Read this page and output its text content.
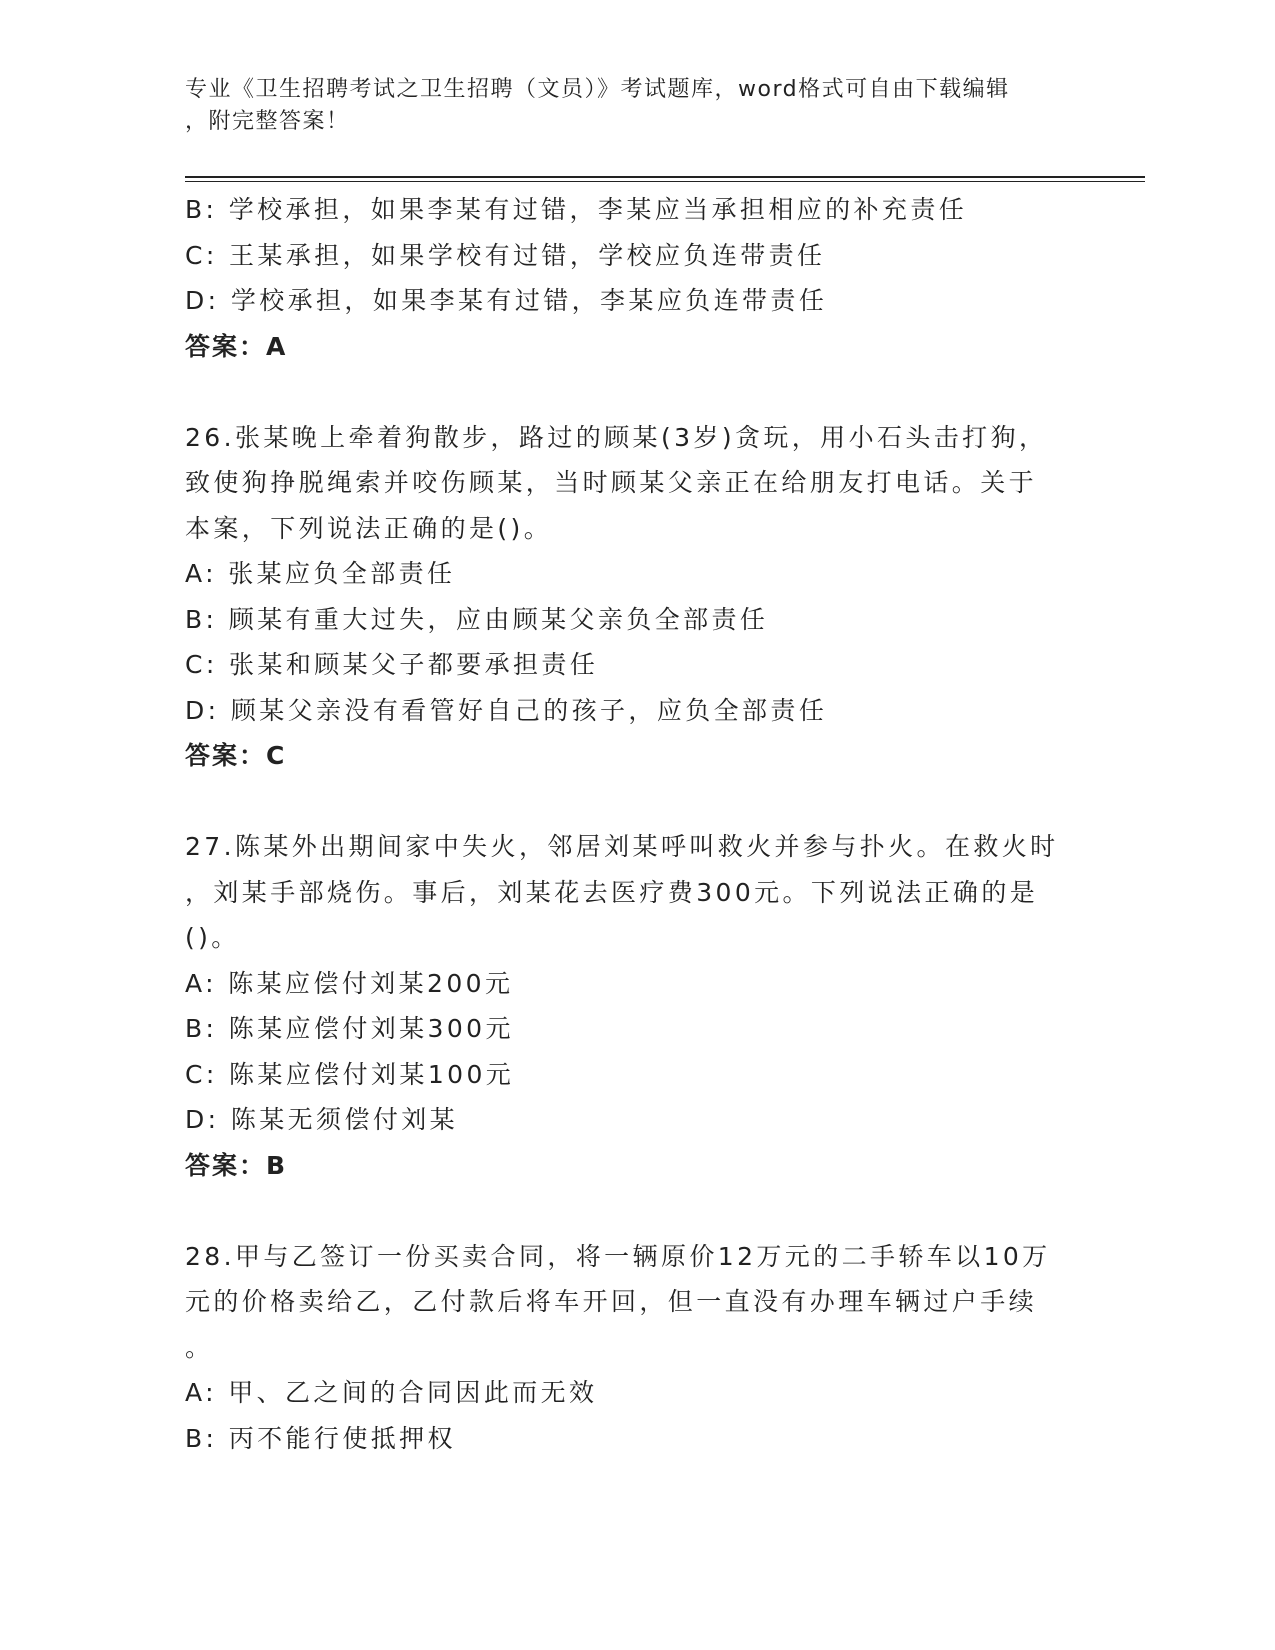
专业《卫生招聘考试之卫生招聘（文员）》考试题库，word格式可自由下载编辑
，附完整答案！
B: 学校承担，如果李某有过错，李某应当承担相应的补充责任
C: 王某承担，如果学校有过错，学校应负连带责任
D: 学校承担，如果李某有过错，李某应负连带责任
答案：A
26.张某晚上牵着狗散步，路过的顾某(3岁)贪玩，用小石头击打狗，
致使狗挣脱绳索并咬伤顾某，当时顾某父亲正在给朋友打电话。关于
本案，下列说法正确的是()。
A: 张某应负全部责任
B: 顾某有重大过失，应由顾某父亲负全部责任
C: 张某和顾某父子都要承担责任
D: 顾某父亲没有看管好自己的孩子，应负全部责任
答案：C
27.陈某外出期间家中失火，邻居刘某呼叫救火并参与扑火。在救火时
，刘某手部烧伤。事后，刘某花去医疗费300元。下列说法正确的是
()。
A: 陈某应偿付刘某200元
B: 陈某应偿付刘某300元
C: 陈某应偿付刘某100元
D: 陈某无须偿付刘某
答案：B
28.甲与乙签订一份买卖合同，将一辆原价12万元的二手轿车以10万
元的价格卖给乙，乙付款后将车开回，但一直没有办理车辆过户手续
。
A: 甲、乙之间的合同因此而无效
B: 丙不能行使抵押权
